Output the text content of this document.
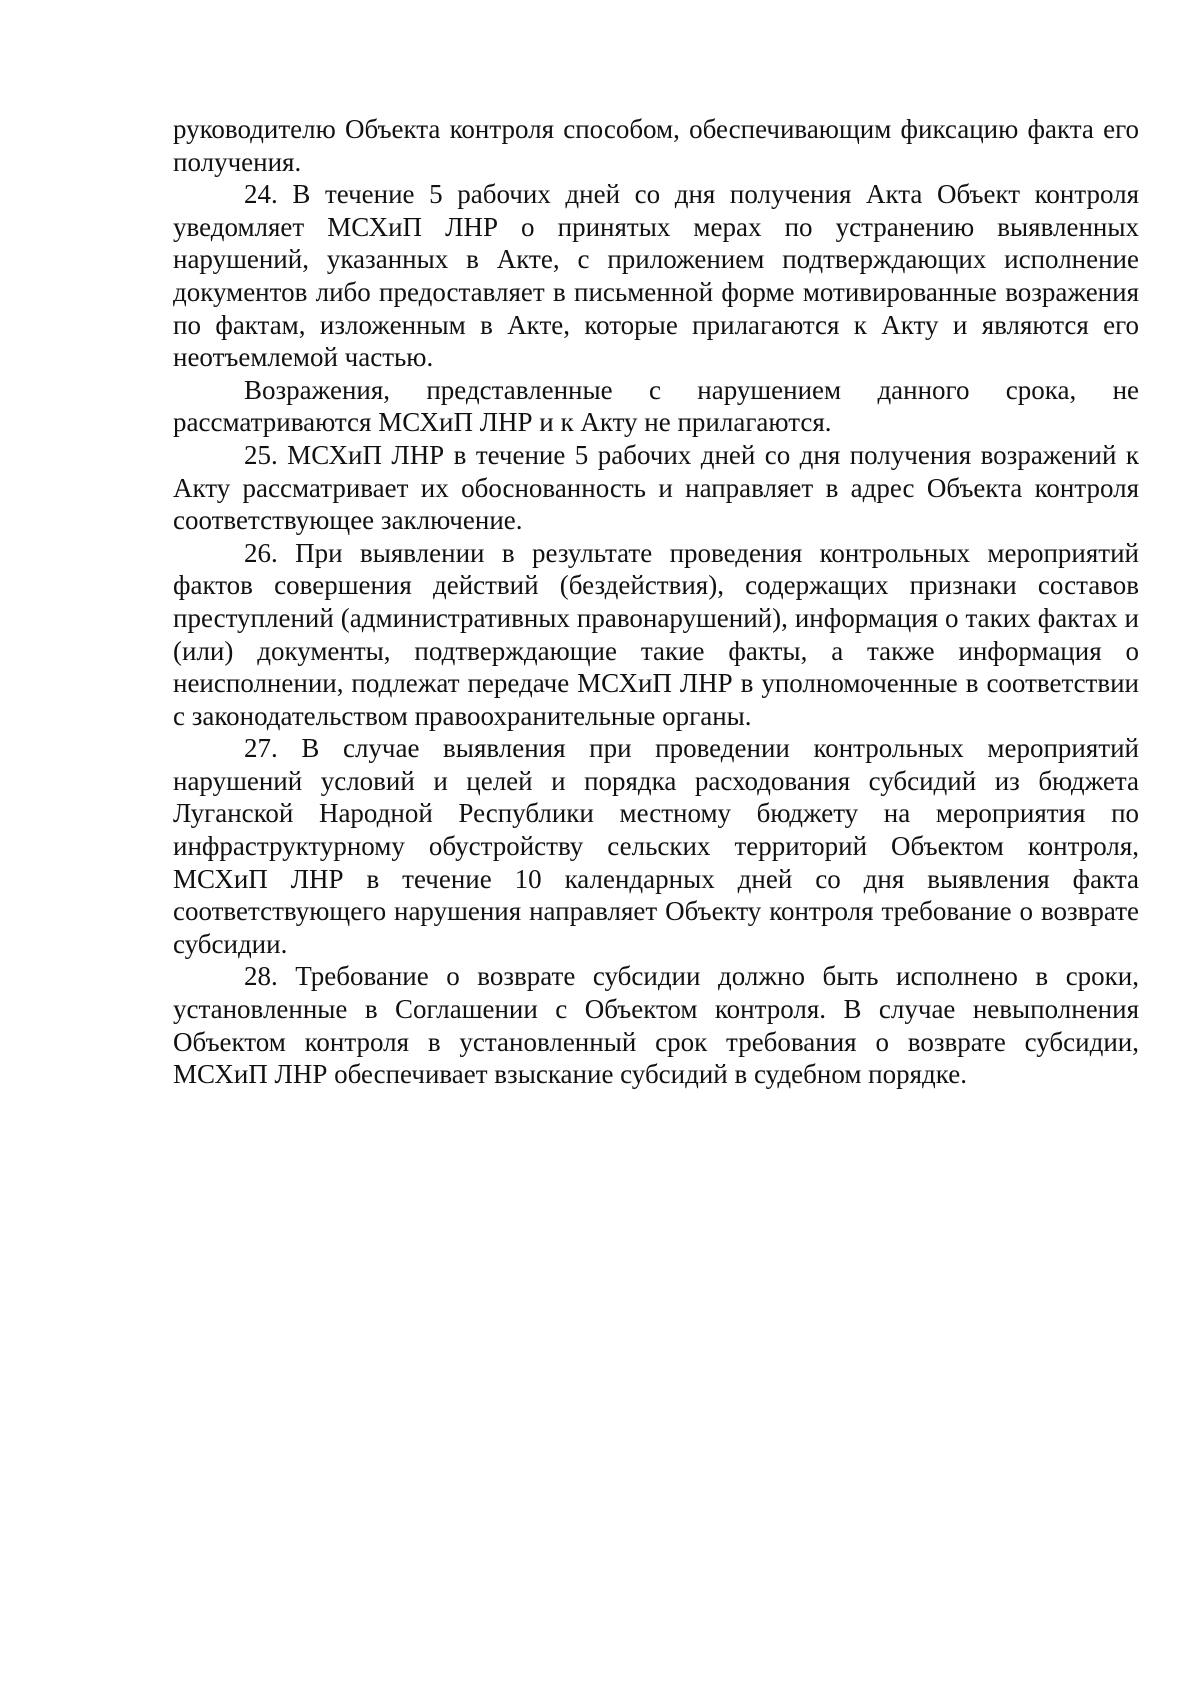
руководителю Объекта контроля способом, обеспечивающим фиксацию факта его получения.

24. В течение 5 рабочих дней со дня получения Акта Объект контроля уведомляет МСХиП ЛНР о принятых мерах по устранению выявленных нарушений, указанных в Акте, с приложением подтверждающих исполнение документов либо предоставляет в письменной форме мотивированные возражения по фактам, изложенным в Акте, которые прилагаются к Акту и являются его неотъемлемой частью.

Возражения, представленные с нарушением данного срока, не рассматриваются МСХиП ЛНР и к Акту не прилагаются.

25. МСХиП ЛНР в течение 5 рабочих дней со дня получения возражений к Акту рассматривает их обоснованность и направляет в адрес Объекта контроля соответствующее заключение.

26. При выявлении в результате проведения контрольных мероприятий фактов совершения действий (бездействия), содержащих признаки составов преступлений (административных правонарушений), информация о таких фактах и (или) документы, подтверждающие такие факты, а также информация о неисполнении, подлежат передаче МСХиП ЛНР в уполномоченные в соответствии с законодательством правоохранительные органы.

27. В случае выявления при проведении контрольных мероприятий нарушений условий и целей и порядка расходования субсидий из бюджета Луганской Народной Республики местному бюджету на мероприятия по инфраструктурному обустройству сельских территорий Объектом контроля, МСХиП ЛНР в течение 10 календарных дней со дня выявления факта соответствующего нарушения направляет Объекту контроля требование о возврате субсидии.

28. Требование о возврате субсидии должно быть исполнено в сроки, установленные в Соглашении с Объектом контроля. В случае невыполнения Объектом контроля в установленный срок требования о возврате субсидии, МСХиП ЛНР обеспечивает взыскание субсидий в судебном порядке.
